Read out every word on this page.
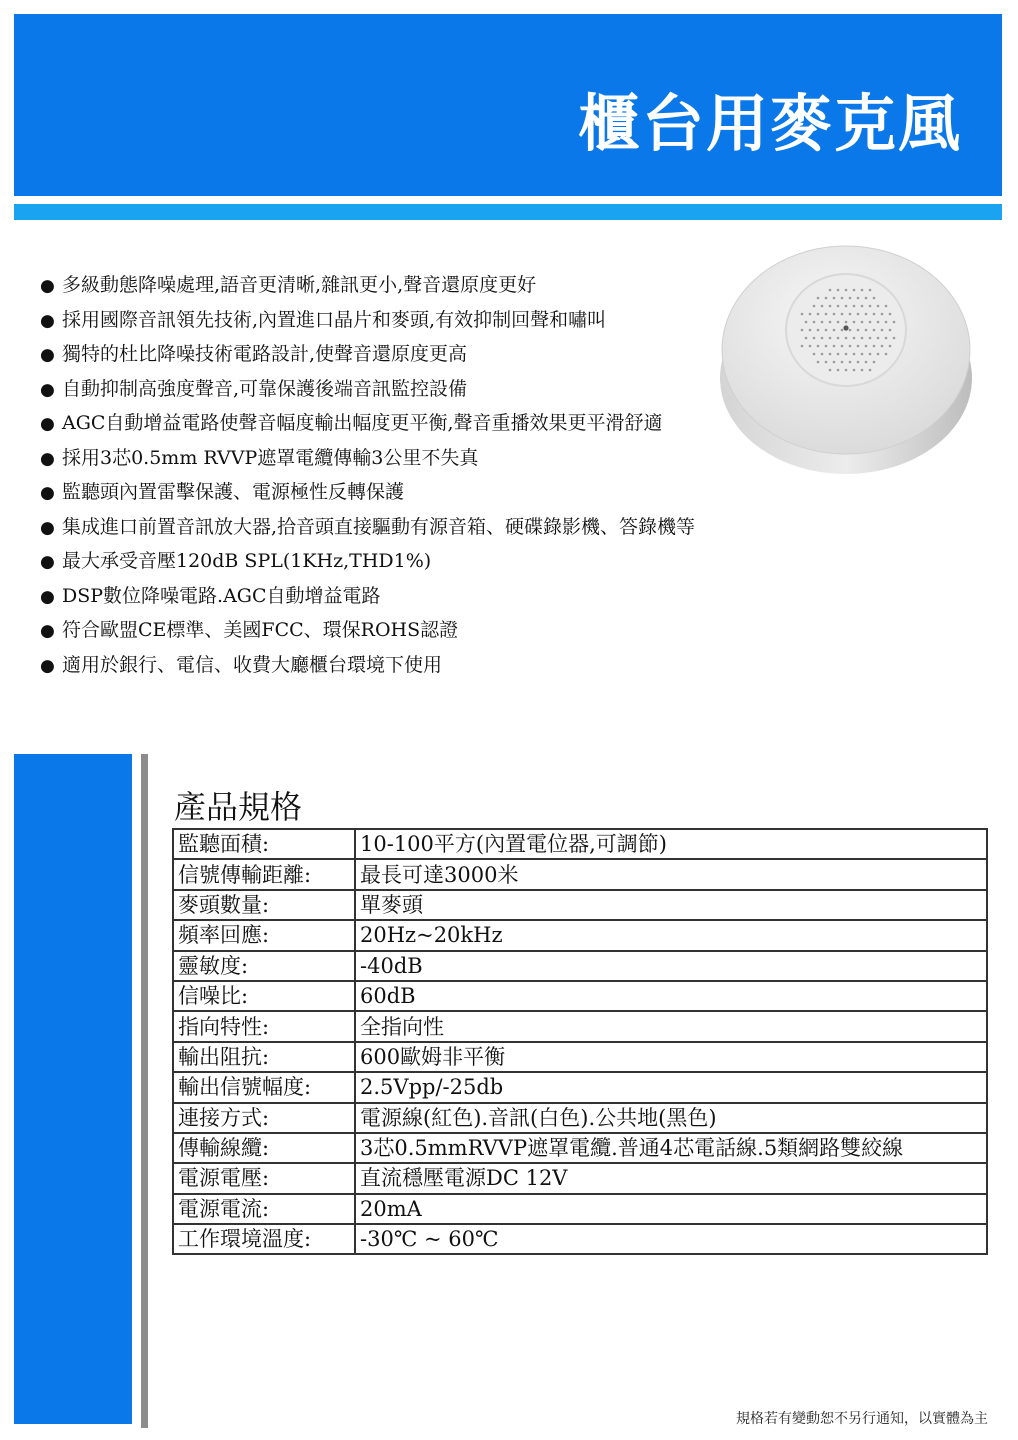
櫃台用麥克風
● 多級動態降噪處理,語音更清晰,雜訊更小,聲音還原度更好
● 採用國際音訊領先技術,內置進口晶片和麥頭,有效抑制回聲和嘯叫
● 獨特的杜比降噪技術電路設計,使聲音還原度更高
● 自動抑制高強度聲音,可靠保護後端音訊監控設備
● AGC自動增益電路使聲音幅度輸出幅度更平衡,聲音重播效果更平滑舒適
● 採用3芯0.5mm RVVP遮罩電纜傳輸3公里不失真
● 監聽頭內置雷擊保護、電源極性反轉保護
● 集成進口前置音訊放大器,拾音頭直接驅動有源音箱、硬碟錄影機、答錄機等
● 最大承受音壓120dB SPL(1KHz,THD1%)
● DSP數位降噪電路.AGC自動增益電路
● 符合歐盟CE標準、美國FCC、環保ROHS認證
● 適用於銀行、電信、收費大廳櫃台環境下使用
產品規格
監聽面積:	10-100平方(內置電位器,可調節)
信號傳輸距離:	最長可達3000米
麥頭數量:	單麥頭
頻率回應:	20Hz~20kHz
靈敏度:	-40dB
信噪比:	60dB
指向特性:	全指向性
輸出阻抗:	600歐姆非平衡
輸出信號幅度:	2.5Vpp/-25db
連接方式:	電源線(紅色).音訊(白色).公共地(黑色)
傳輸線纜:	3芯0.5mmRVVP遮罩電纜.普通4芯電話線.5類網路雙絞線
電源電壓:	直流穩壓電源DC 12V
電源電流:	20mA
工作環境溫度:	-30℃ ~ 60℃
規格若有變動恕不另行通知，以實體為主
